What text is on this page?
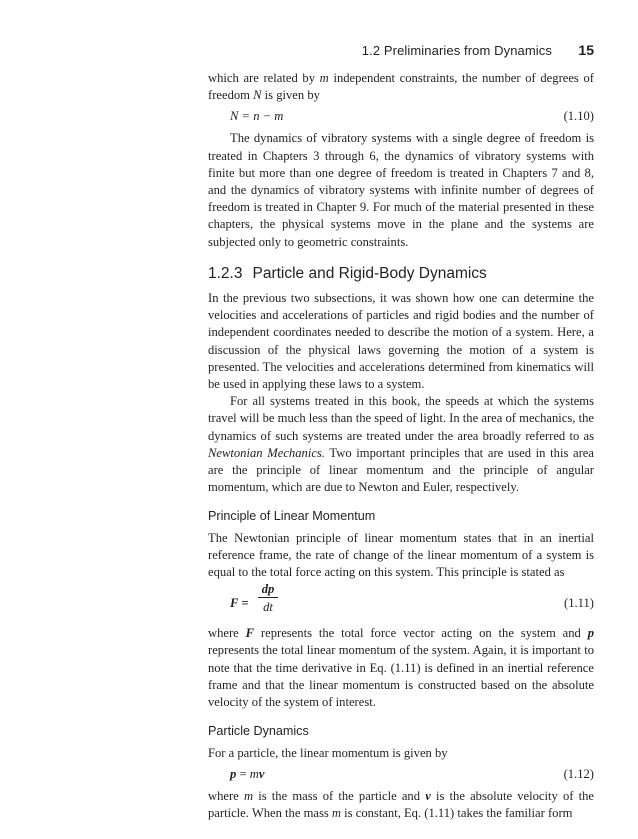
1.2 Preliminaries from Dynamics 15

which are related by m independent constraints, the number of degrees of freedom N is given by

N = n − m	(1.10)

The dynamics of vibratory systems with a single degree of freedom is treated in Chapters 3 through 6, the dynamics of vibratory systems with finite but more than one degree of freedom is treated in Chapters 7 and 8, and the dynamics of vibratory systems with infinite number of degrees of freedom is treated in Chapter 9. For much of the material presented in these chapters, the physical systems move in the plane and the systems are subjected only to geometric constraints.

1.2.3 Particle and Rigid-Body Dynamics

In the previous two subsections, it was shown how one can determine the velocities and accelerations of particles and rigid bodies and the number of independent coordinates needed to describe the motion of a system. Here, a discussion of the physical laws governing the motion of a system is presented. The velocities and accelerations determined from kinematics will be used in applying these laws to a system.

For all systems treated in this book, the speeds at which the systems travel will be much less than the speed of light. In the area of mechanics, the dynamics of such systems are treated under the area broadly referred to as Newtonian Mechanics. Two important principles that are used in this area are the principle of linear momentum and the principle of angular momentum, which are due to Newton and Euler, respectively.

Principle of Linear Momentum

The Newtonian principle of linear momentum states that in an inertial reference frame, the rate of change of the linear momentum of a system is equal to the total force acting on this system. This principle is stated as

$F = \frac{dp}{dt}$	(1.11)

where F represents the total force vector acting on the system and p represents the total linear momentum of the system. Again, it is important to note that the time derivative in Eq. (1.11) is defined in an inertial reference frame and that the linear momentum is constructed based on the absolute velocity of the system of interest.

Particle Dynamics

For a particle, the linear momentum is given by

p = mv	(1.12)

where m is the mass of the particle and v is the absolute velocity of the particle. When the mass m is constant, Eq. (1.11) takes the familiar form
